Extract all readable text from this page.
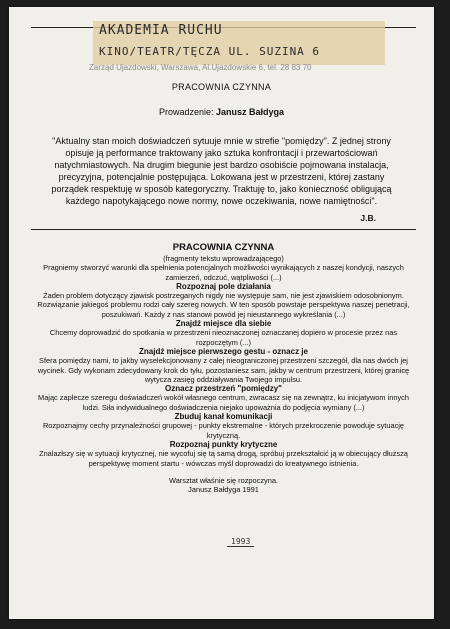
AKADEMIA RUCHU
KINO/TEATR/TĘCZA UL. SUZINA 6
Zarząd Ujazdowski, Warszawa, Al.Ujazdowskie 6, tel. 28 83 70
PRACOWNIA CZYNNA
Prowadzenie: Janusz Bałdyga
"Aktualny stan moich doświadczeń sytuuje mnie w strefie "pomiędzy". Z jednej strony opisuje ją performance traktowany jako sztuka konfrontacji i przewartościowań natychmiastowych. Na drugim biegunie jest bardzo osobiście pojmowana instalacja, precyzyjna, potencjalnie postępująca. Lokowana jest w przestrzeni, której zastany porządek respektuję w sposób kategoryczny. Traktuję to, jako konieczność obligującą każdego napotykającego nowe normy, nowe oczekiwania, nowe namiętności".
J.B.

PRACOWNIA CZYNNA

(fragmenty tekstu wprowadzającego)

Pragniemy stworzyć warunki dla spełnienia potencjalnych możliwości wynikających z naszej kondycji, naszych zamierzeń, odczuć, wątpliwości (...)

Rozpoznaj pole działania

Żaden problem dotyczący zjawisk postrzeganych nigdy nie występuje sam, nie jest zjawiskiem odosobnionym. Rozwiązanie jakiegoś problemu rodzi cały szereg nowych. W ten sposób powstaje perspektywa naszej penetracji, poszukiwań. Każdy z nas stanowi powód jej nieustannego wykreślania (...)

Znajdź miejsce dla siebie

Chcemy doprowadzić do spotkania w przestrzeni nieoznaczonej oznaczanej dopiero w procesie przez nas rozpoczętym (...)

Znajdź miejsce pierwszego gestu - oznacz je

Sfera pomiędzy nami, to jakby wyselekcjonowany z całej nieograniczonej przestrzeni szczegół, dla nas dwóch jej wycinek. Gdy wykonam zdecydowany krok do tyłu, pozostaniesz sam, jakby w centrum przestrzeni, której granicę wytycza zasięg oddziaływania Twojego impulsu.

Oznacz przestrzeń "pomiędzy"

Mając zaplecze szeregu doświadczeń wokół własnego centrum, zwracasz się na zewnątrz, ku inicjatywom innych ludzi. Siła indywidualnego doświadczenia niejako upoważnia do podjęcia wymiany (...)

Zbuduj kanał komunikacji

Rozpoznajmy cechy przynależności grupowej - punkty ekstremalne - których przekroczenie powoduje sytuację krytyczną.

Rozpoznaj punkty krytyczne

Znalazłszy się w sytuacji krytycznej, nie wycofuj się tą samą drogą, spróbuj przekształcić ją w obiecujący dłuższą perspektywę moment startu - wówczas myśl doprowadzi do kreatywnego istnienia.

Warsztat właśnie się rozpoczyna.

Janusz Bałdyga 1991

1993
